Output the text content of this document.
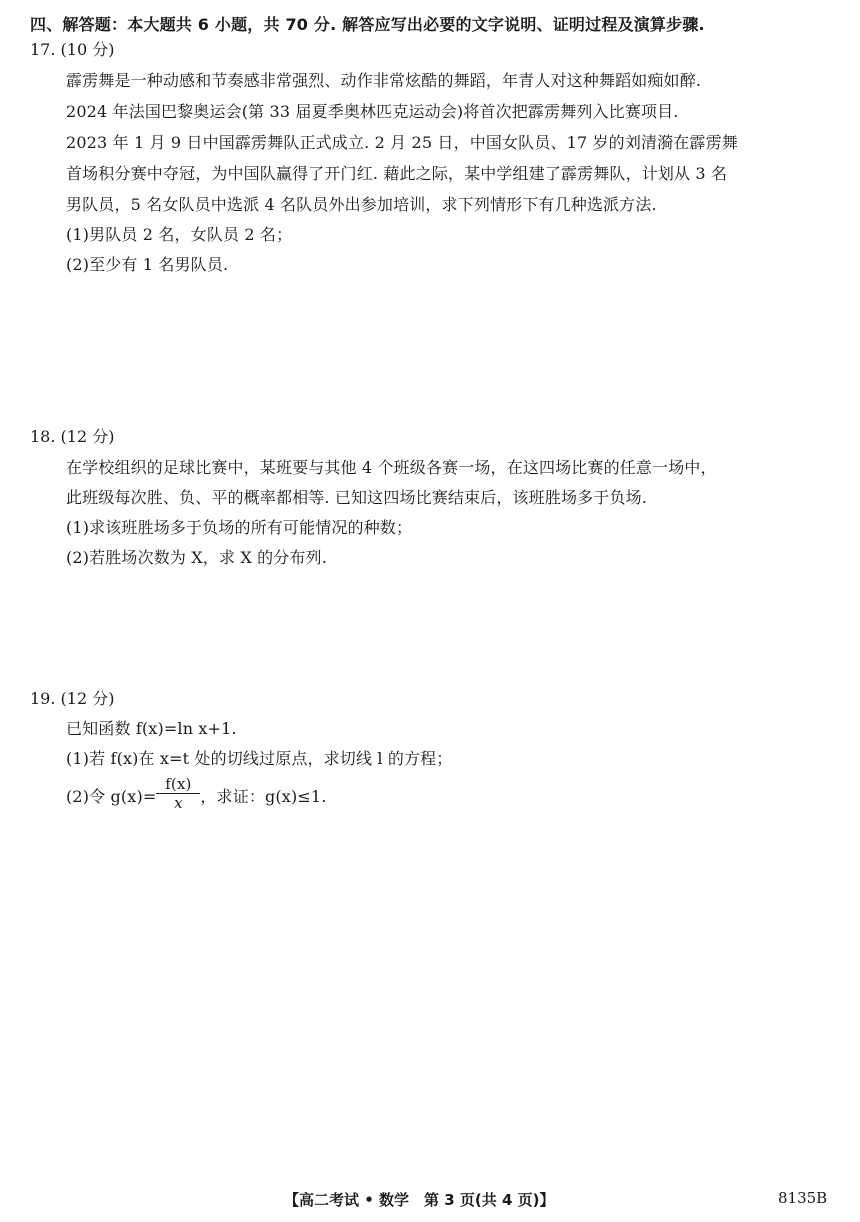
四、解答题：本大题共 6 小题，共 70 分. 解答应写出必要的文字说明、证明过程及演算步骤.
17. (10 分)
霹雳舞是一种动感和节奏感非常强烈、动作非常炫酷的舞蹈，年青人对这种舞蹈如痴如醉.
2024 年法国巴黎奥运会(第 33 届夏季奥林匹克运动会)将首次把霹雳舞列入比赛项目.
2023 年 1 月 9 日中国霹雳舞队正式成立. 2 月 25 日，中国女队员、17 岁的刘清漪在霹雳舞
首场积分赛中夺冠，为中国队赢得了开门红. 藉此之际，某中学组建了霹雳舞队，计划从 3 名
男队员，5 名女队员中选派 4 名队员外出参加培训，求下列情形下有几种选派方法.
(1)男队员 2 名，女队员 2 名；
(2)至少有 1 名男队员.
18. (12 分)
在学校组织的足球比赛中，某班要与其他 4 个班级各赛一场，在这四场比赛的任意一场中，
此班级每次胜、负、平的概率都相等. 已知这四场比赛结束后，该班胜场多于负场.
(1)求该班胜场多于负场的所有可能情况的种数；
(2)若胜场次数为 X，求 X 的分布列.
19. (12 分)
已知函数 f(x)=ln x+1.
(1)若 f(x)在 x=t 处的切线过原点，求切线 l 的方程；
(2)令 $g(x)= \frac{f(x)}{x}$ ，求证：g(x)≤1.
【高二考试 • 数学　第 3 页(共 4 页)】	8135B
